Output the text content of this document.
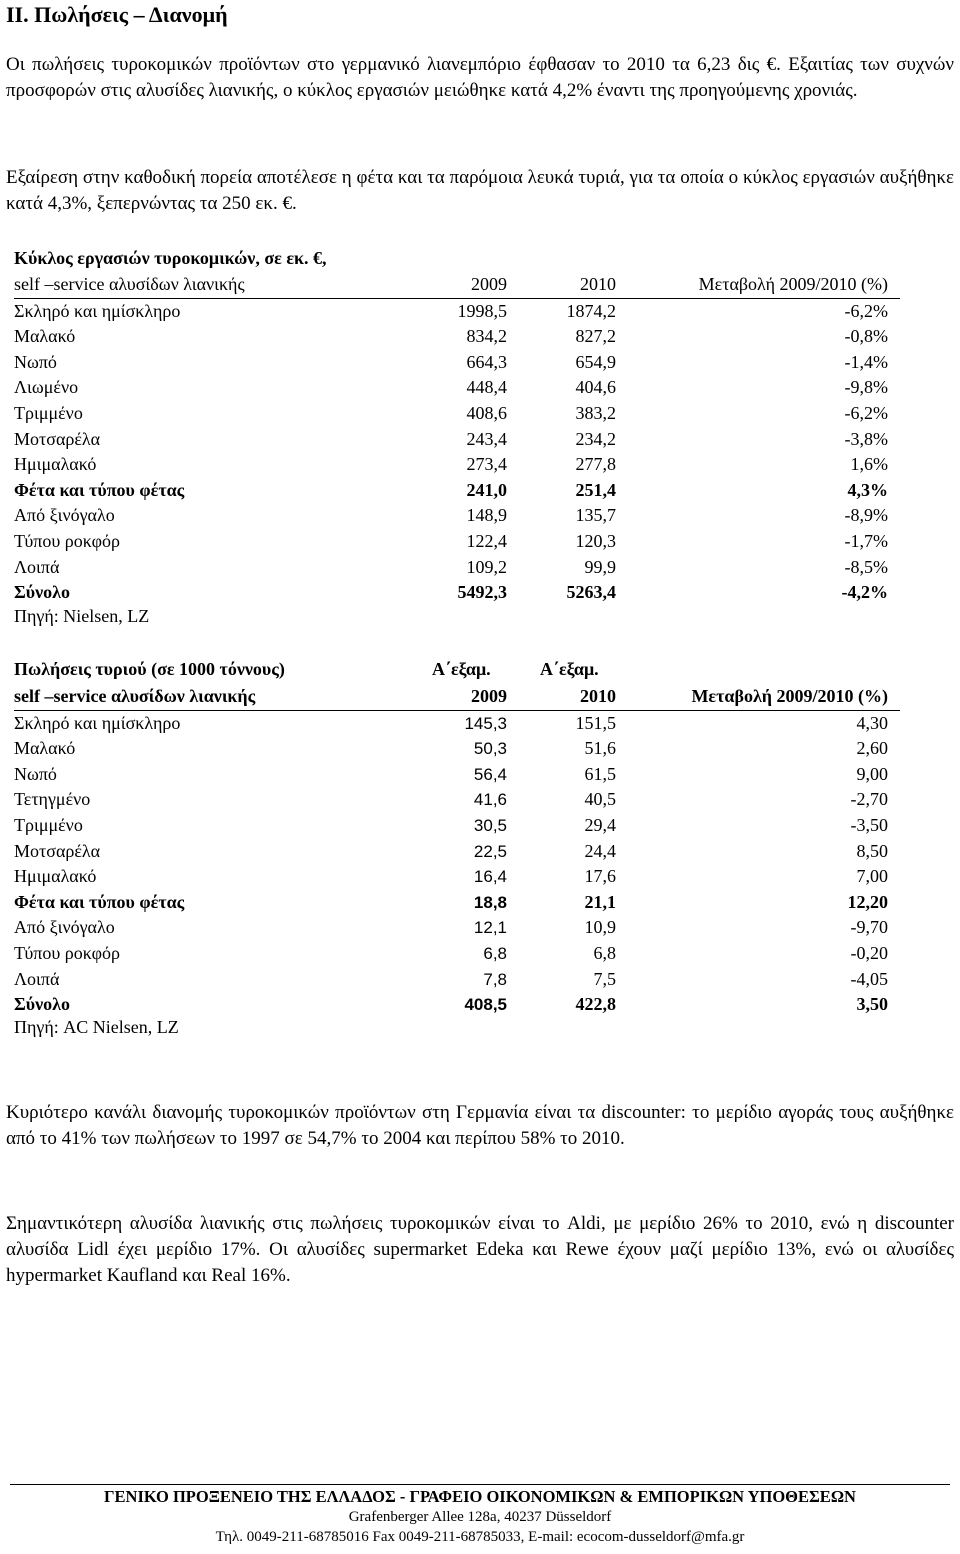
ΙΙ. Πωλήσεις – Διανομή
Οι πωλήσεις τυροκομικών προϊόντων στο γερμανικό λιανεμπόριο έφθασαν το 2010 τα 6,23 δις €. Εξαιτίας των συχνών προσφορών στις αλυσίδες λιανικής, ο κύκλος εργασιών μειώθηκε κατά 4,2% έναντι της προηγούμενης χρονιάς.
Εξαίρεση στην καθοδική πορεία αποτέλεσε η φέτα και τα παρόμοια λευκά τυριά, για τα οποία ο κύκλος εργασιών αυξήθηκε κατά 4,3%, ξεπερνώντας τα 250 εκ. €.
Κύκλος εργασιών τυροκομικών, σε εκ. €,
self –service αλυσίδων λιανικής	2009	2010	Μεταβολή 2009/2010 (%)
Σκληρό και ημίσκληρο	1998,5	1874,2	-6,2%
Μαλακό	834,2	827,2	-0,8%
Νωπό	664,3	654,9	-1,4%
Λιωμένο	448,4	404,6	-9,8%
Τριμμένο	408,6	383,2	-6,2%
Μοτσαρέλα	243,4	234,2	-3,8%
Ημιμαλακό	273,4	277,8	1,6%
Φέτα και τύπου φέτας	241,0	251,4	4,3%
Από ξινόγαλο	148,9	135,7	-8,9%
Τύπου ροκφόρ	122,4	120,3	-1,7%
Λοιπά	109,2	99,9	-8,5%
Σύνολο	5492,3	5263,4	-4,2%
Πηγή: Nielsen, LZ
Πωλήσεις τυριού (σε 1000 τόννους)	Α΄εξαμ.	Α΄εξαμ.
self –service αλυσίδων λιανικής	2009	2010	Μεταβολή 2009/2010 (%)
Σκληρό και ημίσκληρο	145,3	151,5	4,30
Μαλακό	50,3	51,6	2,60
Νωπό	56,4	61,5	9,00
Τετηγμένο	41,6	40,5	-2,70
Τριμμένο	30,5	29,4	-3,50
Μοτσαρέλα	22,5	24,4	8,50
Ημιμαλακό	16,4	17,6	7,00
Φέτα και τύπου φέτας	18,8	21,1	12,20
Από ξινόγαλο	12,1	10,9	-9,70
Τύπου ροκφόρ	6,8	6,8	-0,20
Λοιπά	7,8	7,5	-4,05
Σύνολο	408,5	422,8	3,50
Πηγή: AC Nielsen, LZ
Κυριότερο κανάλι διανομής τυροκομικών προϊόντων στη Γερμανία είναι τα discounter: το μερίδιο αγοράς τους αυξήθηκε από το 41% των πωλήσεων το 1997 σε 54,7% το 2004 και περίπου 58% το 2010.
Σημαντικότερη αλυσίδα λιανικής στις πωλήσεις τυροκομικών είναι το Aldi, με μερίδιο 26% το 2010, ενώ η discounter αλυσίδα Lidl έχει μερίδιο 17%. Οι αλυσίδες supermarket Edeka και Rewe έχουν μαζί μερίδιο 13%, ενώ οι αλυσίδες hypermarket Kaufland και Real 16%.
ΓΕΝΙΚΟ ΠΡΟΞΕΝΕΙΟ ΤΗΣ ΕΛΛΑΔΟΣ - ΓΡΑΦΕΙΟ ΟΙΚΟΝΟΜΙΚΩΝ & ΕΜΠΟΡΙΚΩΝ ΥΠΟΘΕΣΕΩΝ
Grafenberger Allee 128a, 40237 Düsseldorf
Τηλ. 0049-211-68785016 Fax 0049-211-68785033, E-mail: ecocom-dusseldorf@mfa.gr
